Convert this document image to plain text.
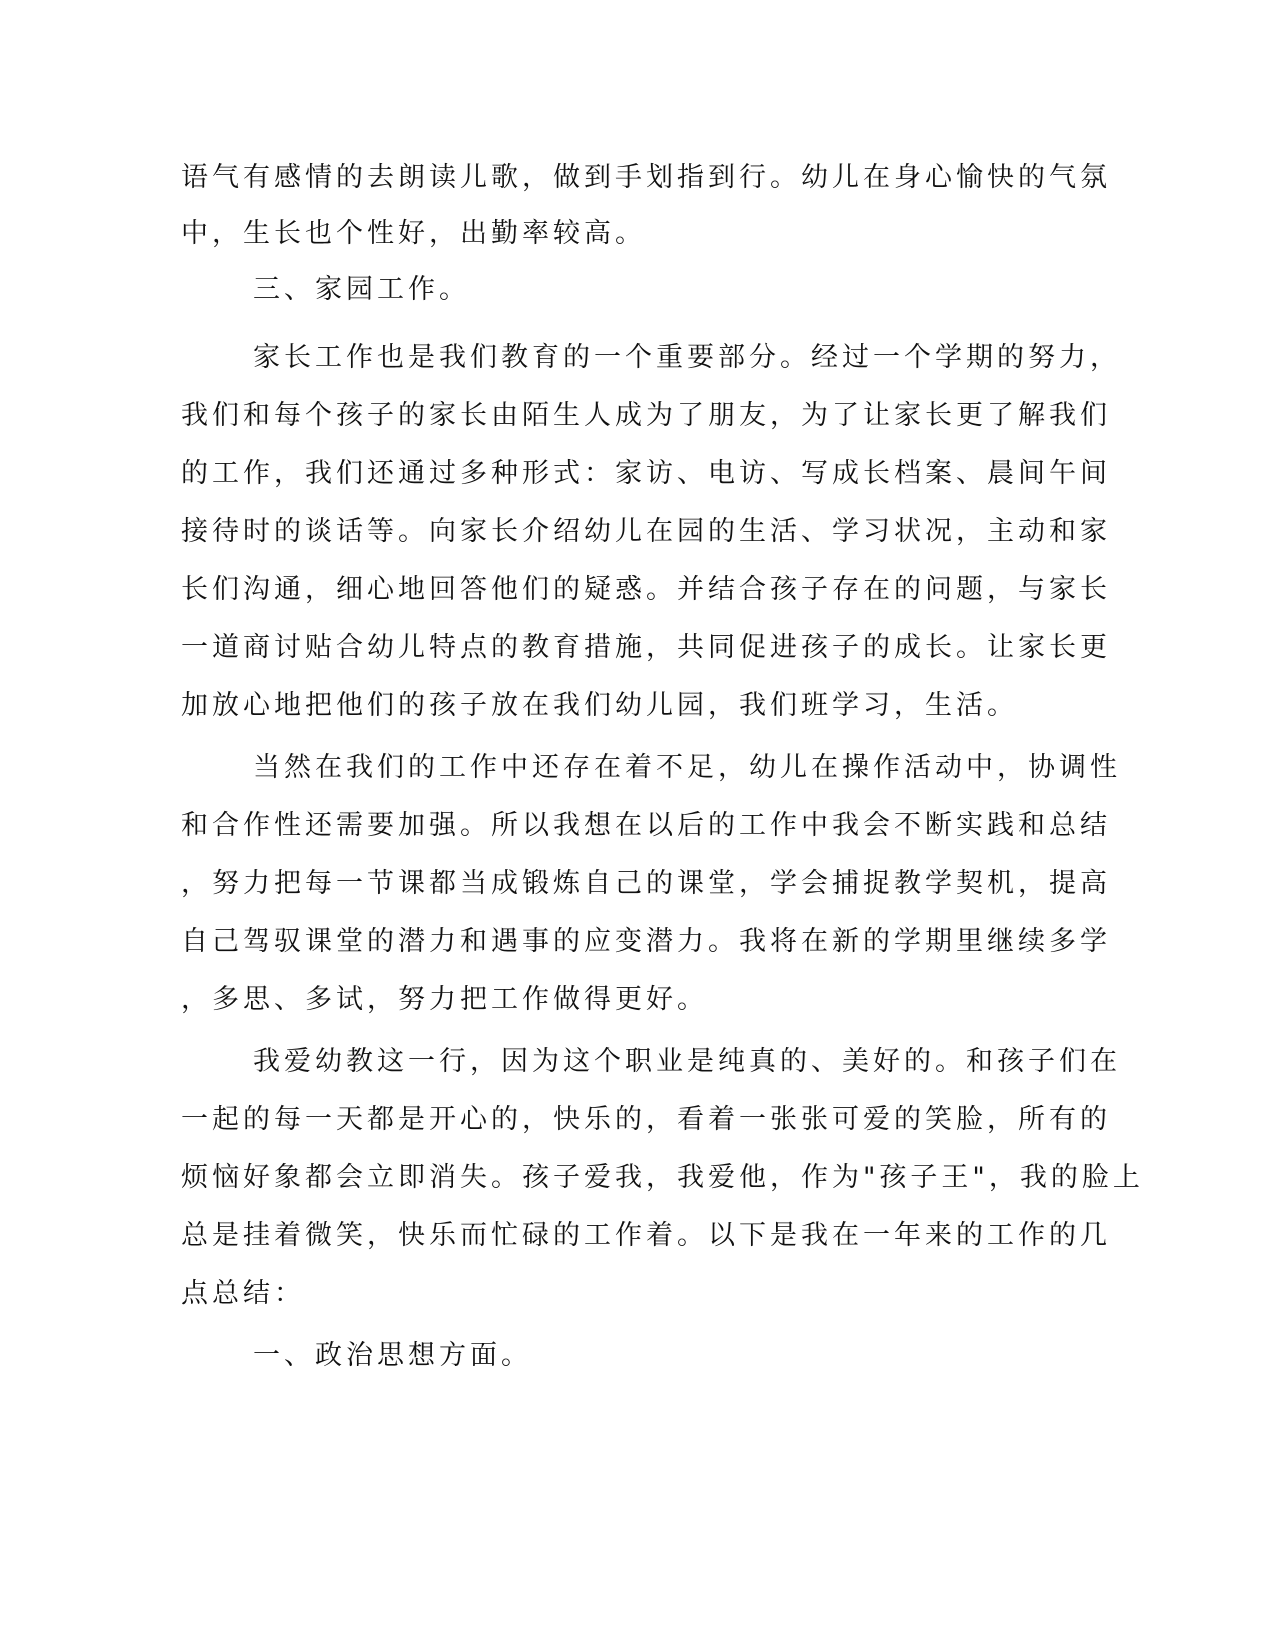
语气有感情的去朗读儿歌，做到手划指到行。幼儿在身心愉快的气氛
中，生长也个性好，出勤率较高。
三、家园工作。
家长工作也是我们教育的一个重要部分。经过一个学期的努力，
我们和每个孩子的家长由陌生人成为了朋友，为了让家长更了解我们
的工作，我们还通过多种形式：家访、电访、写成长档案、晨间午间
接待时的谈话等。向家长介绍幼儿在园的生活、学习状况，主动和家
长们沟通，细心地回答他们的疑惑。并结合孩子存在的问题，与家长
一道商讨贴合幼儿特点的教育措施，共同促进孩子的成长。让家长更
加放心地把他们的孩子放在我们幼儿园，我们班学习，生活。
当然在我们的工作中还存在着不足，幼儿在操作活动中，协调性
和合作性还需要加强。所以我想在以后的工作中我会不断实践和总结
，努力把每一节课都当成锻炼自己的课堂，学会捕捉教学契机，提高
自己驾驭课堂的潜力和遇事的应变潜力。我将在新的学期里继续多学
，多思、多试，努力把工作做得更好。
我爱幼教这一行，因为这个职业是纯真的、美好的。和孩子们在
一起的每一天都是开心的，快乐的，看着一张张可爱的笑脸，所有的
烦恼好象都会立即消失。孩子爱我，我爱他，作为"孩子王"，我的脸上
总是挂着微笑，快乐而忙碌的工作着。以下是我在一年来的工作的几
点总结：
一、政治思想方面。
